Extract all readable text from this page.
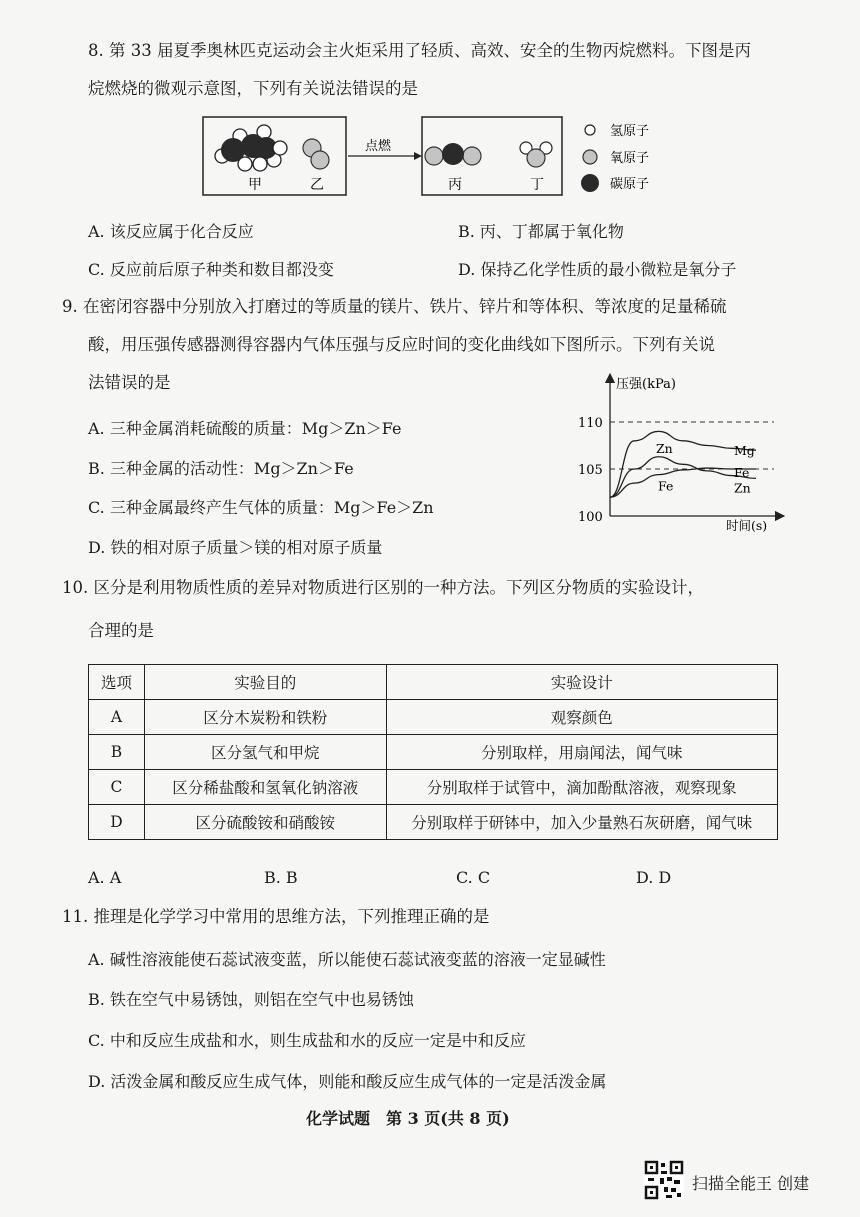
8. 第 33 届夏季奥林匹克运动会主火炬采用了轻质、高效、安全的生物丙烷燃料。下图是丙
烷燃烧的微观示意图，下列有关说法错误的是
甲	乙
点燃
丙	丁
氢原子
氧原子
碳原子
A. 该反应属于化合反应	B. 丙、丁都属于氧化物
C. 反应前后原子种类和数目都没变	D. 保持乙化学性质的最小微粒是氧分子
9. 在密闭容器中分别放入打磨过的等质量的镁片、铁片、锌片和等体积、等浓度的足量稀硫
酸，用压强传感器测得容器内气体压强与反应时间的变化曲线如下图所示。下列有关说
法错误的是
A. 三种金属消耗硫酸的质量：Mg＞Zn＞Fe
B. 三种金属的活动性：Mg＞Zn＞Fe
C. 三种金属最终产生气体的质量：Mg＞Fe＞Zn
D. 铁的相对原子质量＞镁的相对原子质量
压强(kPa)
时间(s)
100
105
110
Mg
Zn
Zn
Fe
Fe
10. 区分是利用物质性质的差异对物质进行区别的一种方法。下列区分物质的实验设计，
合理的是
选项	实验目的	实验设计
A	区分木炭粉和铁粉	观察颜色
B	区分氢气和甲烷	分别取样，用扇闻法，闻气味
C	区分稀盐酸和氢氧化钠溶液	分别取样于试管中，滴加酚酞溶液，观察现象
D	区分硫酸铵和硝酸铵	分别取样于研钵中，加入少量熟石灰研磨，闻气味
A. A	B. B	C. C	D. D
11. 推理是化学学习中常用的思维方法，下列推理正确的是
A. 碱性溶液能使石蕊试液变蓝，所以能使石蕊试液变蓝的溶液一定显碱性
B. 铁在空气中易锈蚀，则铝在空气中也易锈蚀
C. 中和反应生成盐和水，则生成盐和水的反应一定是中和反应
D. 活泼金属和酸反应生成气体，则能和酸反应生成气体的一定是活泼金属
化学试题　第 3 页(共 8 页)
扫描全能王 创建
